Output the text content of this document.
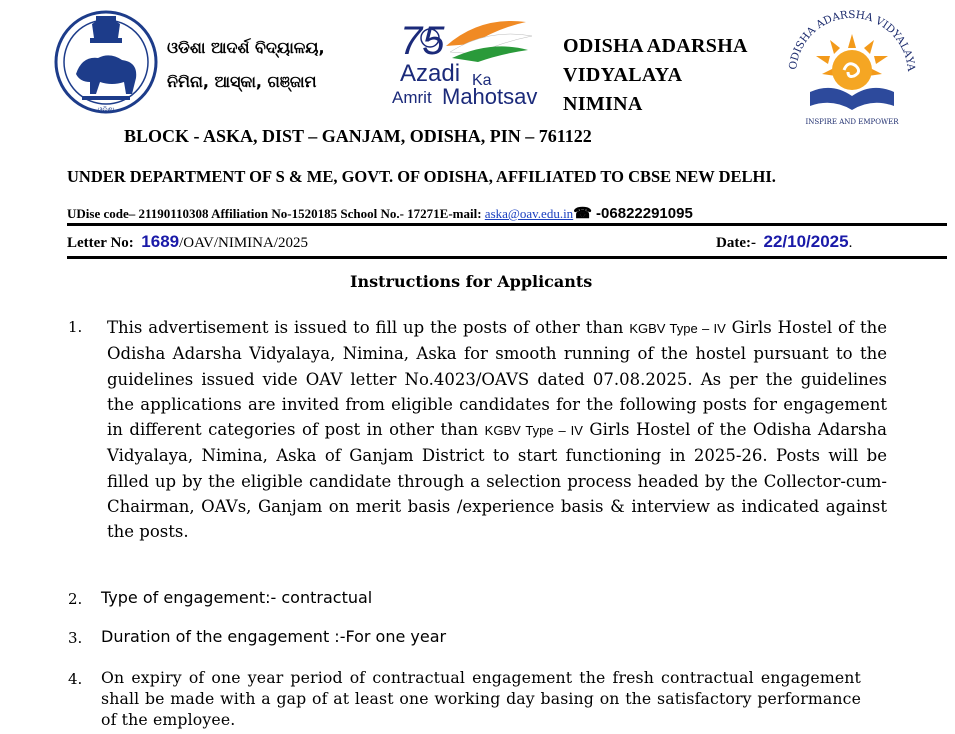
ଓଡ଼ିଶା
ଓଡିଶା ଆଦର୍ଶ ବିଦ୍ୟାଳୟ,
ନିମିନା, ଆସ୍କା, ଗଞ୍ଜାମ
75
Azadi Ka
Amrit Mahotsav
ODISHA ADARSHA
VIDYALAYA
NIMINA
ODISHA ADARSHA VIDYALAYA
INSPIRE AND EMPOWER
BLOCK - ASKA, DIST – GANJAM, ODISHA, PIN – 761122
UNDER DEPARTMENT OF S & ME, GOVT. OF ODISHA, AFFILIATED TO CBSE NEW DELHI.
UDise code– 21190110308 Affiliation No-1520185 School No.- 17271E-mail: aska@oav.edu.in☎ -06822291095
Letter No: 1689/OAV/NIMINA/2025	Date:- 22/10/2025.
Instructions for Applicants
1. This advertisement is issued to fill up the posts of other than KGBV Type – IV Girls Hostel of the Odisha Adarsha Vidyalaya, Nimina, Aska for smooth running of the hostel pursuant to the guidelines issued vide OAV letter No.4023/OAVS dated 07.08.2025. As per the guidelines the applications are invited from eligible candidates for the following posts for engagement in different categories of post in other than KGBV Type – IV Girls Hostel of the Odisha Adarsha Vidyalaya, Nimina, Aska of Ganjam District to start functioning in 2025-26. Posts will be filled up by the eligible candidate through a selection process headed by the Collector-cum-Chairman, OAVs, Ganjam on merit basis /experience basis & interview as indicated against the posts.
2. Type of engagement:- contractual
3. Duration of the engagement :-For one year
4. On expiry of one year period of contractual engagement the fresh contractual engagement shall be made with a gap of at least one working day basing on the satisfactory performance of the employee.
